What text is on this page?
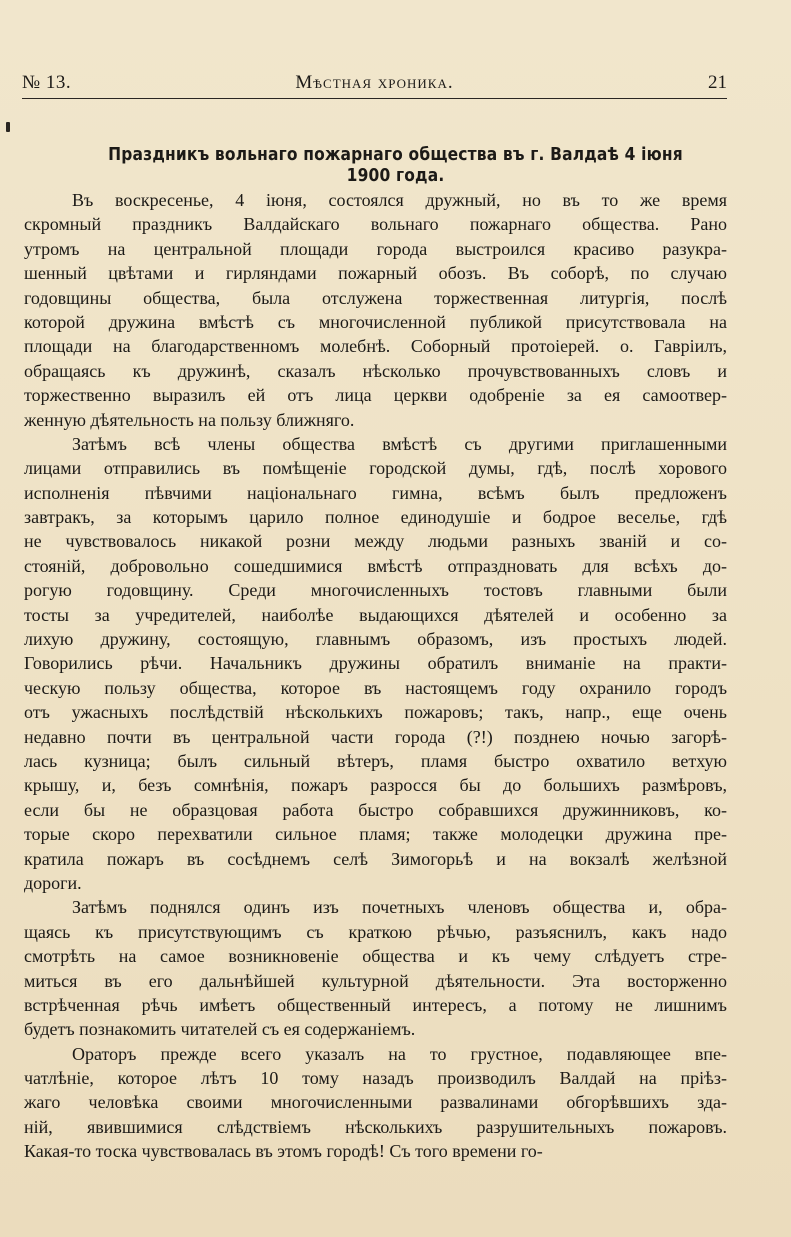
№ 13.	Мѣстная хроника.	21
Праздникъ вольнаго пожарнаго общества въ г. Валдаѣ 4 іюня 1900 года.
Въ воскресенье, 4 іюня, состоялся дружный, но въ то же время
скромный праздникъ Валдайскаго вольнаго пожарнаго общества. Рано
утромъ на центральной площади города выстроился красиво разукра-
шенный цвѣтами и гирляндами пожарный обозъ. Въ соборѣ, по случаю
годовщины общества, была отслужена торжественная литургія, послѣ
которой дружина вмѣстѣ съ многочисленной публикой присутствовала на
площади на благодарственномъ молебнѣ. Соборный протоіерей. о. Гавріилъ,
обращаясь къ дружинѣ, сказалъ нѣсколько прочувствованныхъ словъ и
торжественно выразилъ ей отъ лица церкви одобреніе за ея самоотвер-
женную дѣятельность на пользу ближняго.
Затѣмъ всѣ члены общества вмѣстѣ съ другими приглашенными
лицами отправились въ помѣщеніе городской думы, гдѣ, послѣ хорового
исполненія пѣвчими національнаго гимна, всѣмъ былъ предложенъ
завтракъ, за которымъ царило полное единодушіе и бодрое веселье, гдѣ
не чувствовалось никакой розни между людьми разныхъ званій и со-
стояній, добровольно сошедшимися вмѣстѣ отпраздновать для всѣхъ до-
рогую годовщину. Среди многочисленныхъ тостовъ главными были
тосты за учредителей, наиболѣе выдающихся дѣятелей и особенно за
лихую дружину, состоящую, главнымъ образомъ, изъ простыхъ людей.
Говорились рѣчи. Начальникъ дружины обратилъ вниманіе на практи-
ческую пользу общества, которое въ настоящемъ году охранило городъ
отъ ужасныхъ послѣдствій нѣсколькихъ пожаровъ; такъ, напр., еще очень
недавно почти въ центральной части города (?!) позднею ночью загорѣ-
лась кузница; былъ сильный вѣтеръ, пламя быстро охватило ветхую
крышу, и, безъ сомнѣнія, пожаръ разросся бы до большихъ размѣровъ,
если бы не образцовая работа быстро собравшихся дружинниковъ, ко-
торые скоро перехватили сильное пламя; также молодецки дружина пре-
кратила пожаръ въ сосѣднемъ селѣ Зимогорьѣ и на вокзалѣ желѣзной
дороги.
Затѣмъ поднялся одинъ изъ почетныхъ членовъ общества и, обра-
щаясь къ присутствующимъ съ краткою рѣчью, разъяснилъ, какъ надо
смотрѣть на самое возникновеніе общества и къ чему слѣдуетъ стре-
миться въ его дальнѣйшей культурной дѣятельности. Эта восторженно
встрѣченная рѣчь имѣетъ общественный интересъ, а потому не лишнимъ
будетъ познакомить читателей съ ея содержаніемъ.
Ораторъ прежде всего указалъ на то грустное, подавляющее впе-
чатлѣніе, которое лѣтъ 10 тому назадъ производилъ Валдай на пріѣз-
жаго человѣка своими многочисленными развалинами обгорѣвшихъ зда-
ній, явившимися слѣдствіемъ нѣсколькихъ разрушительныхъ пожаровъ.
Какая-то тоска чувствовалась въ этомъ городѣ! Съ того времени го-
